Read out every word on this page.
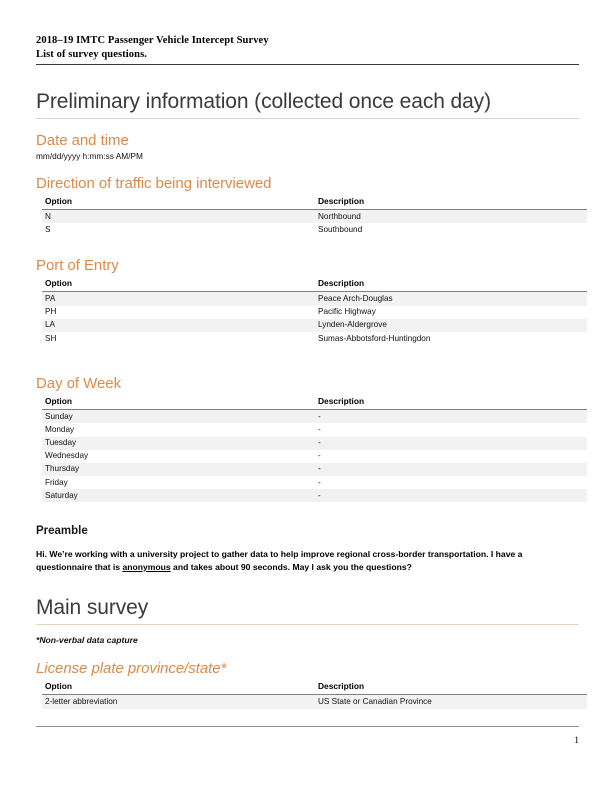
2018–19 IMTC Passenger Vehicle Intercept Survey
List of survey questions.
Preliminary information (collected once each day)
Date and time

mm/dd/yyyy h:mm:ss AM/PM

Direction of traffic being interviewed
Option	Description
N	Northbound
S	Southbound
Port of Entry
Option	Description
PA	Peace Arch-Douglas
PH	Pacific Highway
LA	Lynden-Aldergrove
SH	Sumas-Abbotsford-Huntingdon
Day of Week
Option	Description
Sunday	-
Monday	-
Tuesday	-
Wednesday	-
Thursday	-
Friday	-
Saturday	-
Preamble

Hi. We’re working with a university project to gather data to help improve regional cross-border transportation. I have a questionnaire that is anonymous and takes about 90 seconds. May I ask you the questions?

Main survey

*Non-verbal data capture

License plate province/state*
Option	Description
2-letter abbreviation	US State or Canadian Province
1
